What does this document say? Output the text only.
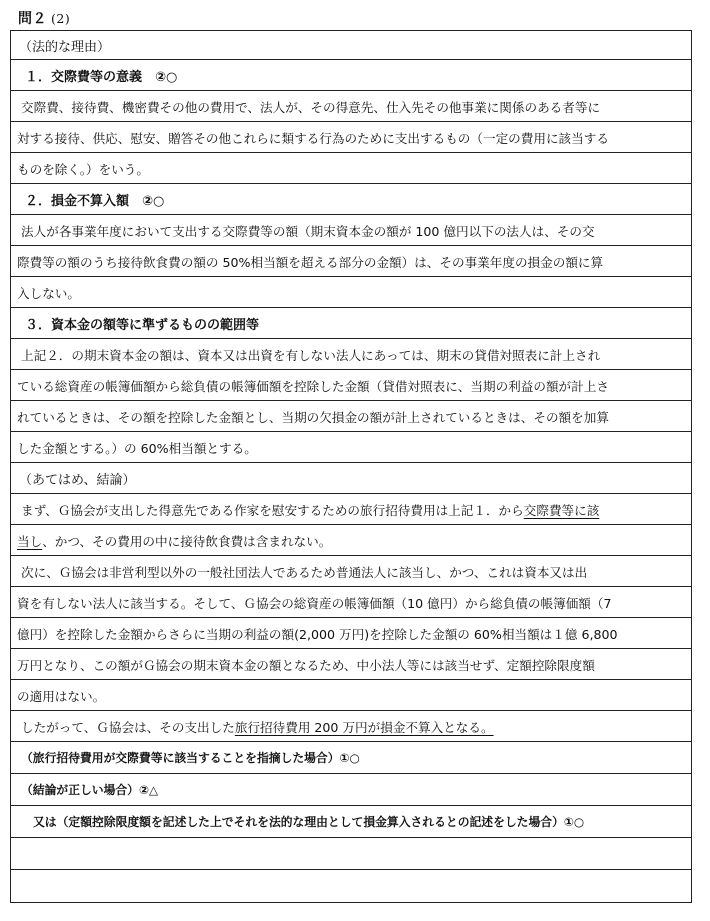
問２ (2)
（法的な理由）
１．交際費等の意義　②○
交際費、接待費、機密費その他の費用で、法人が、その得意先、仕入先その他事業に関係のある者等に
対する接待、供応、慰安、贈答その他これらに類する行為のために支出するもの（一定の費用に該当する
ものを除く。）をいう。
２．損金不算入額　②○
法人が各事業年度において支出する交際費等の額（期末資本金の額が 100 億円以下の法人は、その交
際費等の額のうち接待飲食費の額の 50%相当額を超える部分の金額）は、その事業年度の損金の額に算
入しない。
３．資本金の額等に準ずるものの範囲等
上記２．の期末資本金の額は、資本又は出資を有しない法人にあっては、期末の貸借対照表に計上され
ている総資産の帳簿価額から総負債の帳簿価額を控除した金額（貸借対照表に、当期の利益の額が計上さ
れているときは、その額を控除した金額とし、当期の欠損金の額が計上されているときは、その額を加算
した金額とする。）の 60%相当額とする。
（あてはめ、結論）
まず、Ｇ協会が支出した得意先である作家を慰安するための旅行招待費用は上記１．から 交際費等に該
当し 、かつ、その費用の中に接待飲食費は含まれない。
次に、Ｇ協会は非営利型以外の一般社団法人であるため普通法人に該当し、かつ、これは資本又は出
資を有しない法人に該当する。そして、Ｇ協会の総資産の帳簿価額（10 億円）から総負債の帳簿価額（7
億円）を控除した金額からさらに当期の利益の額(2,000 万円)を控除した金額の 60%相当額は１億 6,800
万円となり、この額がＧ協会の期末資本金の額となるため、中小法人等には該当せず、定額控除限度額
の適用はない。
したがって、Ｇ協会は、その支出した 旅行招待費用 200 万円が損金不算入となる。
（旅行招待費用が交際費等に該当することを指摘した場合）①○
（結論が正しい場合）②△
又は（定額控除限度額を記述した上でそれを法的な理由として損金算入されるとの記述をした場合）①○
